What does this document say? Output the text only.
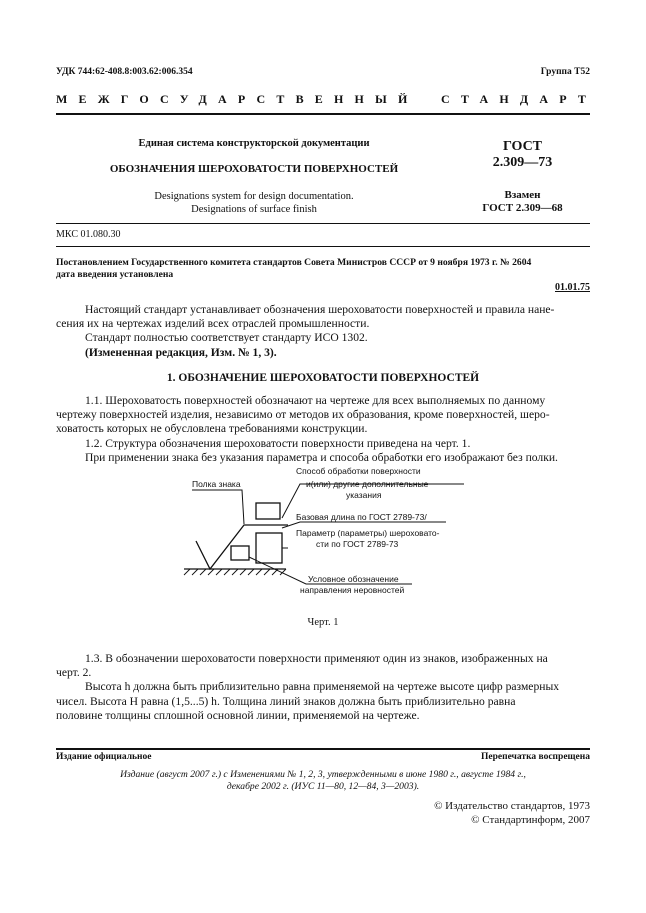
УДК 744:62-408.8:003.62:006.354	Группа Т52
МЕЖГОСУДАРСТВЕННЫЙ СТАНДАРТ
Единая система конструкторской документации
ОБОЗНАЧЕНИЯ ШЕРОХОВАТОСТИ ПОВЕРХНОСТЕЙ
Designations system for design documentation.
Designations of surface finish
ГОСТ
2.309—73
Взамен
ГОСТ 2.309—68
МКС 01.080.30
Постановлением Государственного комитета стандартов Совета Министров СССР от 9 ноября 1973 г. № 2604
дата введения установлена
01.01.75
Настоящий стандарт устанавливает обозначения шероховатости поверхностей и правила нане-
сения их на чертежах изделий всех отраслей промышленности.
Стандарт полностью соответствует стандарту ИСО 1302.
(Измененная редакция, Изм. № 1, 3).
1. ОБОЗНАЧЕНИЕ ШЕРОХОВАТОСТИ ПОВЕРХНОСТЕЙ
1.1. Шероховатость поверхностей обозначают на чертеже для всех выполняемых по данному
чертежу поверхностей изделия, независимо от методов их образования, кроме поверхностей, шеро-
ховатость которых не обусловлена требованиями конструкции.
1.2. Структура обозначения шероховатости поверхности приведена на черт. 1.
При применении знака без указания параметра и способа обработки его изображают без полки.
Полка знака
Способ обработки поверхности
и(или) другие дополнительные
указания
Базовая длина по ГОСТ 2789-73/
Параметр (параметры) шероховато-
сти по ГОСТ 2789-73
Условное обозначение
направления неровностей
Черт. 1
1.3. В обозначении шероховатости поверхности применяют один из знаков, изображенных на
черт. 2.
Высота h должна быть приблизительно равна применяемой на чертеже высоте цифр размерных
чисел. Высота H равна (1,5...5) h. Толщина линий знаков должна быть приблизительно равна
половине толщины сплошной основной линии, применяемой на чертеже.
Издание официальное	Перепечатка воспрещена
Издание (август 2007 г.) с Изменениями № 1, 2, 3, утвержденными в июне 1980 г., августе 1984 г.,
декабре 2002 г. (ИУС 11—80, 12—84, 3—2003).
© Издательство стандартов, 1973
© Стандартинформ, 2007
